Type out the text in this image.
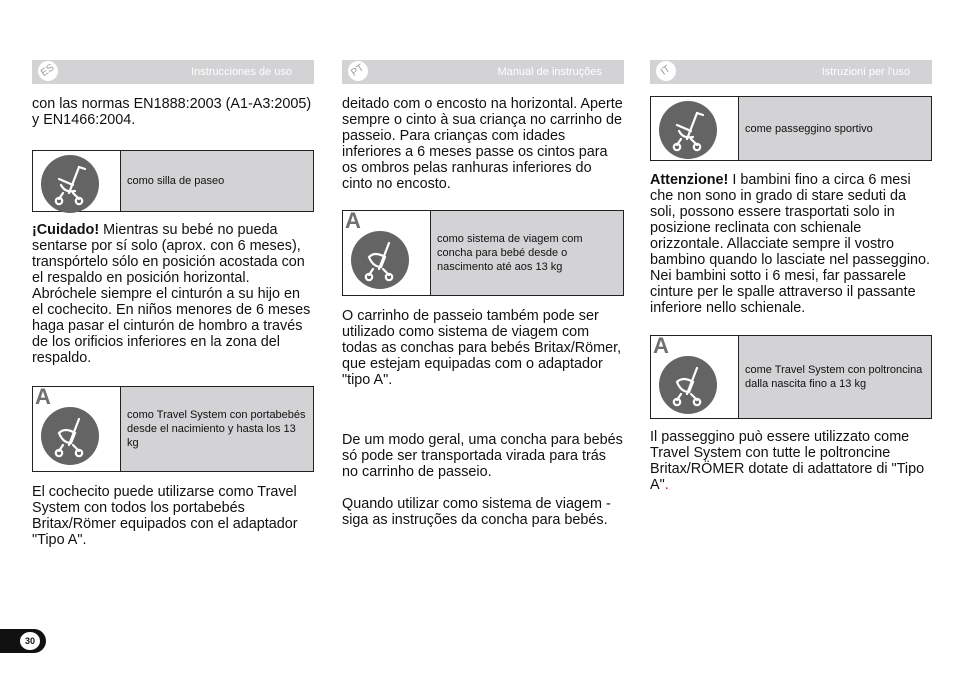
ES	Instrucciones de uso

con las normas EN1888:2003 (A1-A3:2005) y EN1466:2004.

como silla de paseo

¡Cuidado! Mientras su bebé no pueda sentarse por sí solo (aprox. con 6 meses), transpórtelo sólo en posición acostada con el respaldo en posición horizontal. Abróchele siempre el cinturón a su hijo en el cochecito. En niños menores de 6 meses haga pasar el cinturón de hombro a través de los orificios inferiores en la zona del respaldo.

A
como Travel System con portabebés desde el nacimiento y hasta los 13 kg

El cochecito puede utilizarse como Travel System con todos los portabebés Britax/Römer equipados con el adaptador "Tipo A".

PT	Manual de instruções

deitado com o encosto na horizontal. Aperte sempre o cinto à sua criança no carrinho de passeio. Para crianças com idades inferiores a 6 meses passe os cintos para os ombros pelas ranhuras inferiores do cinto no encosto.

A
como sistema de viagem com concha para bebé desde o nascimento até aos 13 kg

O carrinho de passeio também pode ser utilizado como sistema de viagem com todas as conchas para bebés Britax/Römer, que estejam equipadas com o adaptador "tipo A".

De um modo geral, uma concha para bebés só pode ser transportada virada para trás no carrinho de passeio.

Quando utilizar como sistema de viagem - siga as instruções da concha para bebés.

IT	Istruzioni per l'uso
come passeggino sportivo

Attenzione! I bambini fino a circa 6 mesi che non sono in grado di stare seduti da soli, possono essere trasportati solo in posizione reclinata con schienale orizzontale. Allacciate sempre il vostro bambino quando lo lasciate nel passeggino. Nei bambini sotto i 6 mesi, far passarele cinture per le spalle attraverso il passante inferiore nello schienale.

A
come Travel System con poltroncina dalla nascita fino a 13 kg

Il passeggino può essere utilizzato come Travel System con tutte le poltroncine Britax/RÖMER dotate di adattatore di "Tipo A".

30
